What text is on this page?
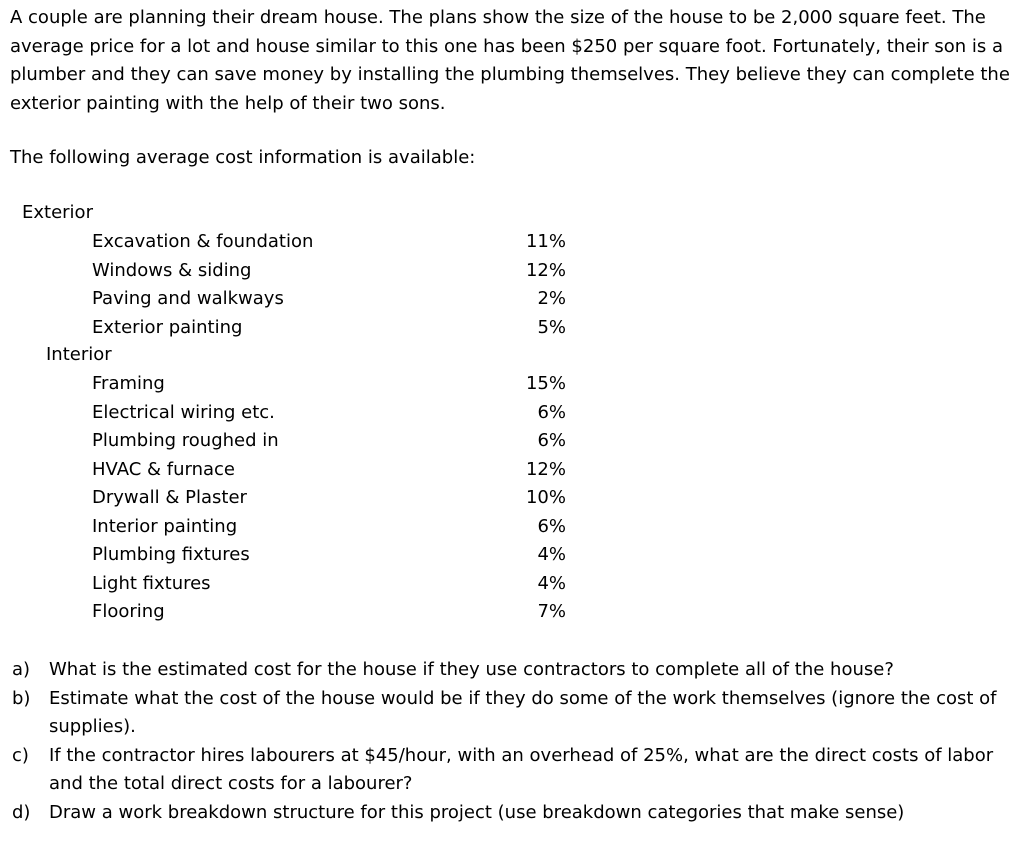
A couple are planning their dream house. The plans show the size of the house to be 2,000 square feet. The average price for a lot and house similar to this one has been $250 per square foot. Fortunately, their son is a plumber and they can save money by installing the plumbing themselves. They believe they can complete the exterior painting with the help of their two sons.

The following average cost information is available:

Exterior
Excavation & foundation	11%
Windows & siding	12%
Paving and walkways	2%
Exterior painting	5%
Interior
Framing	15%
Electrical wiring etc.	6%
Plumbing roughed in	6%
HVAC & furnace	12%
Drywall & Plaster	10%
Interior painting	6%
Plumbing fixtures	4%
Light fixtures	4%
Flooring	7%
a)	What is the estimated cost for the house if they use contractors to complete all of the house?
b)	Estimate what the cost of the house would be if they do some of the work themselves (ignore the cost of supplies).
c)	If the contractor hires labourers at $45/hour, with an overhead of 25%, what are the direct costs of labor and the total direct costs for a labourer?
d)	Draw a work breakdown structure for this project (use breakdown categories that make sense)
